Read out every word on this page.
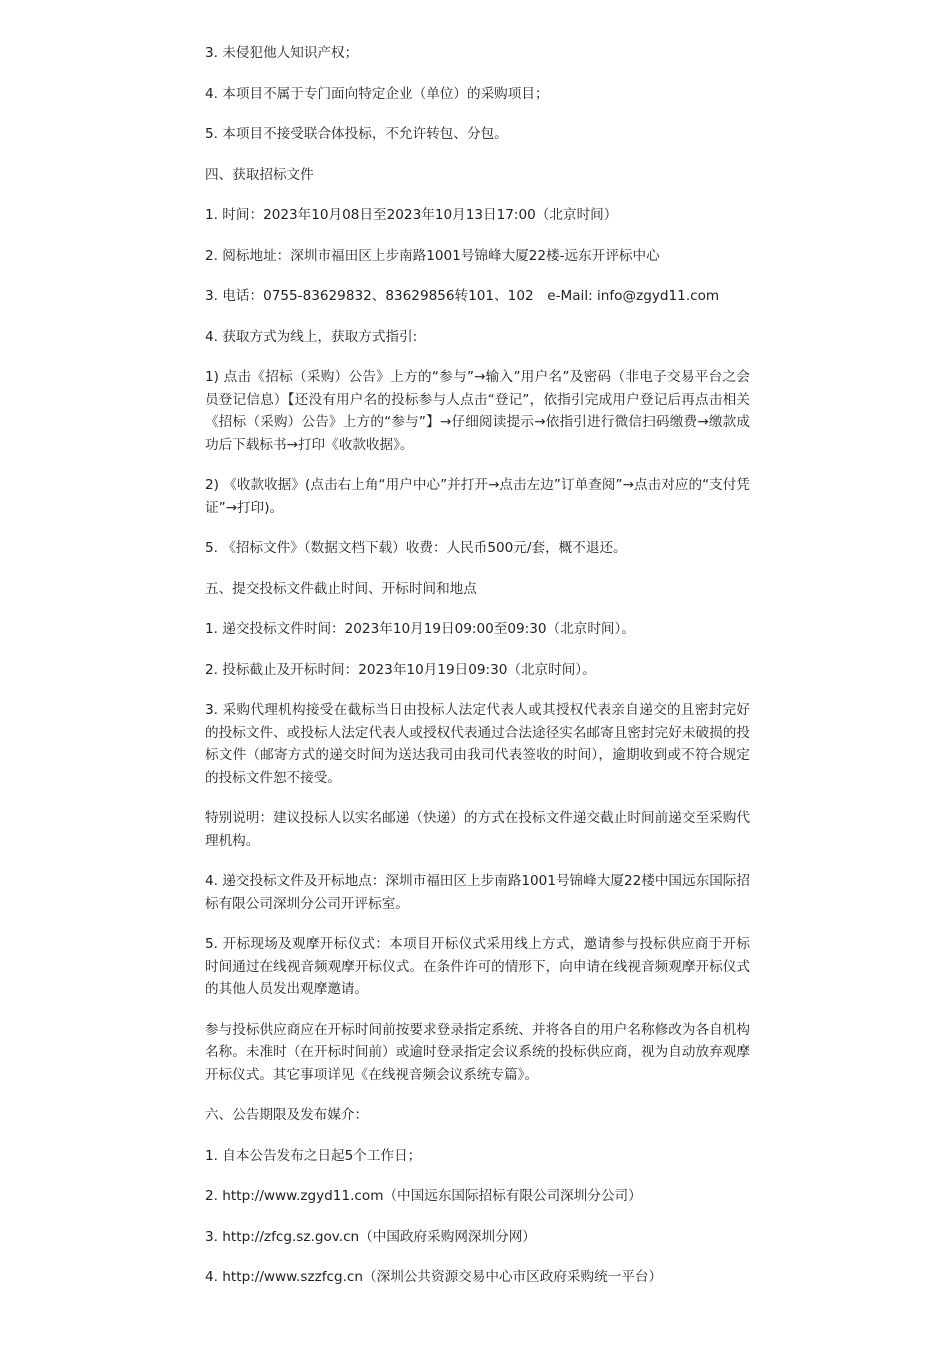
3. 未侵犯他人知识产权；

4. 本项目不属于专门面向特定企业（单位）的采购项目；

5. 本项目不接受联合体投标，不允许转包、分包。

四、获取招标文件

1. 时间：2023年10月08日至2023年10月13日17:00（北京时间）

2. 阅标地址：深圳市福田区上步南路1001号锦峰大厦22楼-远东开评标中心

3. 电话：0755-83629832、83629856转101、102　e-Mail: info@zgyd11.com

4. 获取方式为线上，获取方式指引:

1) 点击《招标（采购）公告》上方的“参与”→输入”用户名”及密码（非电子交易平台之会员登记信息）【还没有用户名的投标参与人点击“登记”，依指引完成用户登记后再点击相关《招标（采购）公告》上方的“参与”】→仔细阅读提示→依指引进行微信扫码缴费→缴款成功后下载标书→打印《收款收据》。

2) 《收款收据》(点击右上角“用户中心”并打开→点击左边”订单查阅”→点击对应的“支付凭证”→打印)。

5. 《招标文件》（数据文档下载）收费：人民币500元/套，概不退还。

五、提交投标文件截止时间、开标时间和地点

1. 递交投标文件时间：2023年10月19日09:00至09:30（北京时间）。

2. 投标截止及开标时间：2023年10月19日09:30（北京时间）。

3. 采购代理机构接受在截标当日由投标人法定代表人或其授权代表亲自递交的且密封完好的投标文件、或投标人法定代表人或授权代表通过合法途径实名邮寄且密封完好未破损的投标文件（邮寄方式的递交时间为送达我司由我司代表签收的时间），逾期收到或不符合规定的投标文件恕不接受。

特别说明：建议投标人以实名邮递（快递）的方式在投标文件递交截止时间前递交至采购代理机构。

4. 递交投标文件及开标地点：深圳市福田区上步南路1001号锦峰大厦22楼中国远东国际招标有限公司深圳分公司开评标室。

5. 开标现场及观摩开标仪式：本项目开标仪式采用线上方式，邀请参与投标供应商于开标时间通过在线视音频观摩开标仪式。在条件许可的情形下，向申请在线视音频观摩开标仪式的其他人员发出观摩邀请。

参与投标供应商应在开标时间前按要求登录指定系统、并将各自的用户名称修改为各自机构名称。未准时（在开标时间前）或逾时登录指定会议系统的投标供应商，视为自动放弃观摩开标仪式。其它事项详见《在线视音频会议系统专篇》。

六、公告期限及发布媒介：

1. 自本公告发布之日起5个工作日；

2. http://www.zgyd11.com（中国远东国际招标有限公司深圳分公司）

3. http://zfcg.sz.gov.cn（中国政府采购网深圳分网）

4. http://www.szzfcg.cn（深圳公共资源交易中心市区政府采购统一平台）
